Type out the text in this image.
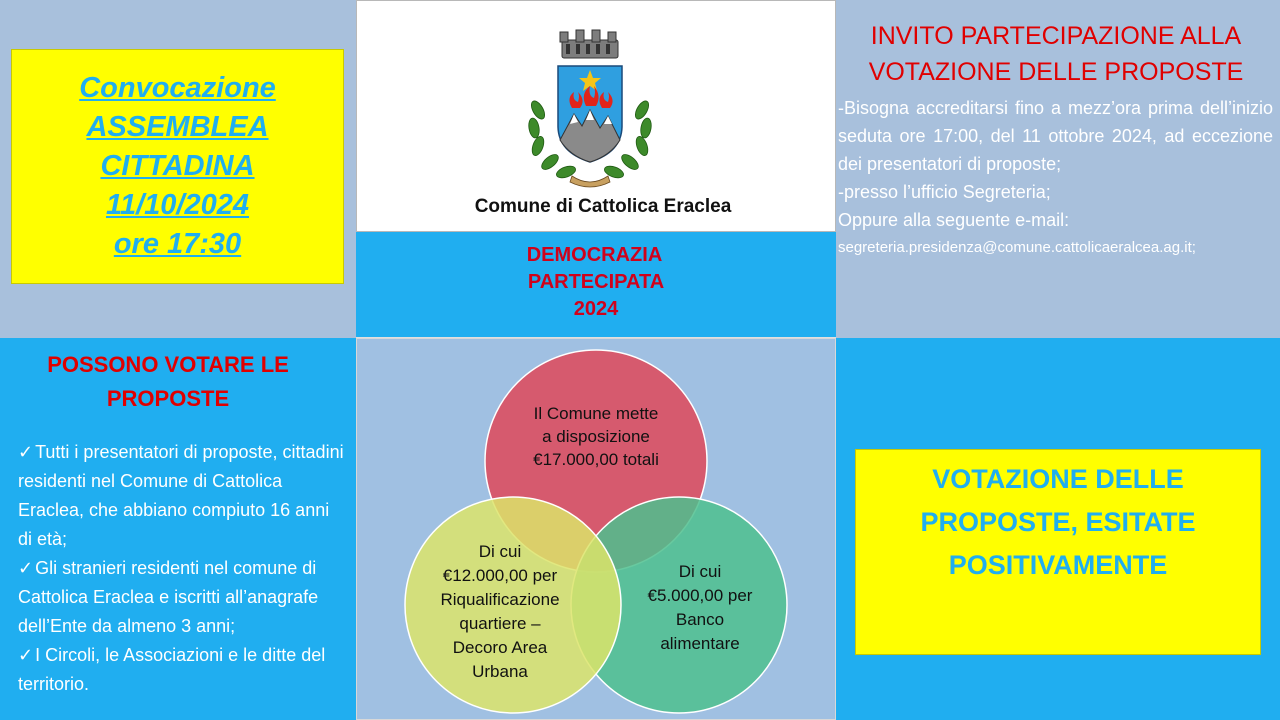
Convocazione
ASSEMBLEA
CITTADINA
11/10/2024
ore 17:30
Comune di Cattolica Eraclea
DEMOCRAZIA
PARTECIPATA
2024
INVITO PARTECIPAZIONE ALLA
VOTAZIONE DELLE PROPOSTE
-Bisogna accreditarsi fino a mezz’ora prima dell’inizio seduta ore 17:00, del 11 ottobre 2024, ad eccezione dei presentatori di proposte;
-presso l’ufficio Segreteria;
Oppure alla seguente e-mail:
segreteria.presidenza@comune.cattolicaeralcea.ag.it;
POSSONO VOTARE LE
PROPOSTE

✓ Tutti i presentatori di proposte, cittadini residenti nel Comune di Cattolica Eraclea, che abbiano compiuto 16 anni di età;

✓ Gli stranieri residenti nel comune di Cattolica Eraclea e iscritti all’anagrafe dell’Ente da almeno 3 anni;

✓ I Circoli, le Associazioni e le ditte del territorio.

Il Comune mette
a disposizione
€17.000,00 totali
Di cui
€12.000,00 per
Riqualificazione
quartiere –
Decoro Area
Urbana
Di cui
€5.000,00 per
Banco
alimentare
VOTAZIONE DELLE
PROPOSTE, ESITATE
POSITIVAMENTE
